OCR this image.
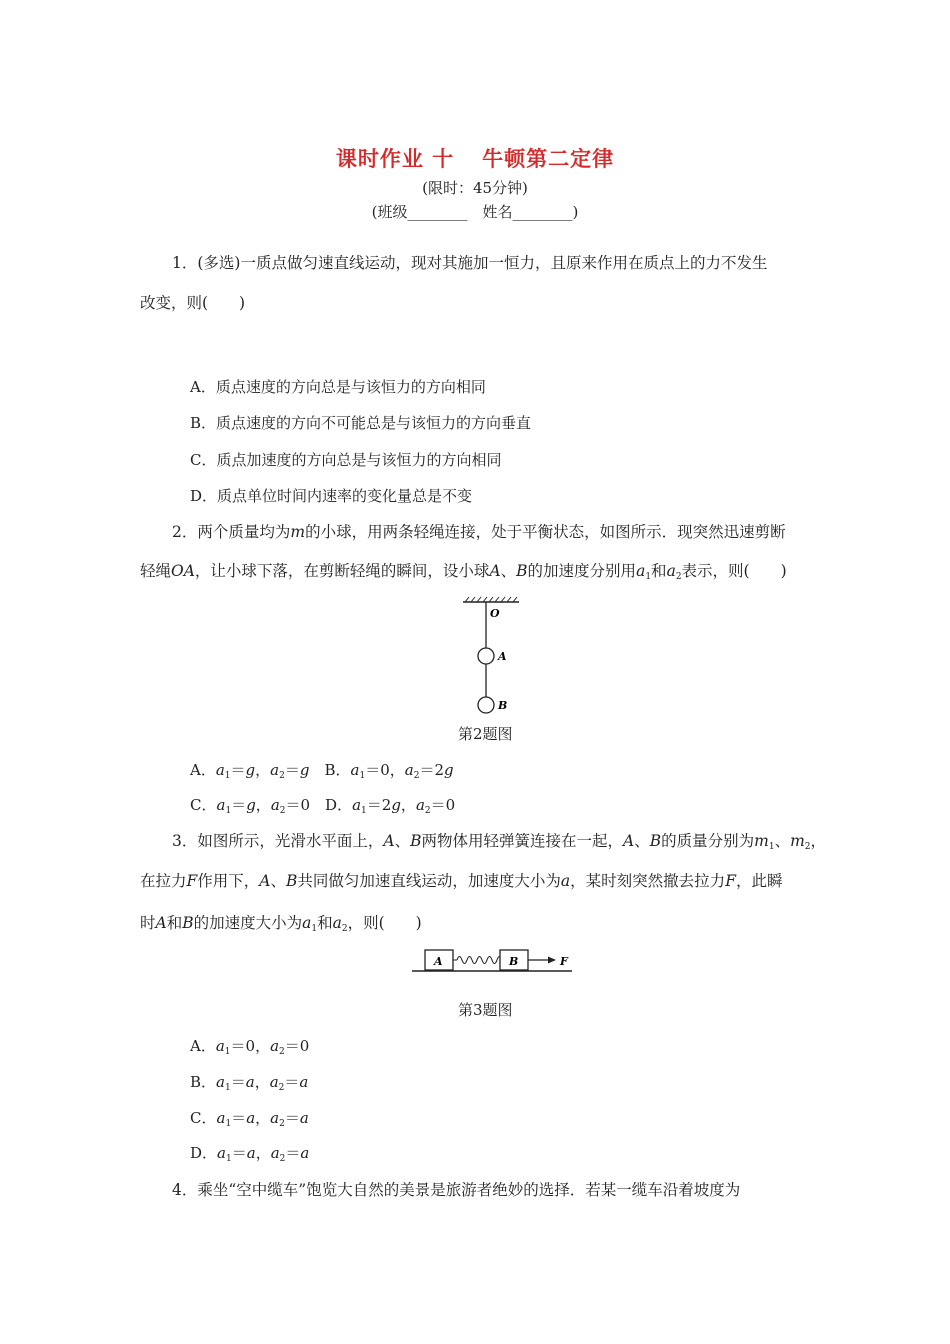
课时作业 十 牛顿第二定律
(限时：45分钟)
(班级________　姓名________)
1．(多选)一质点做匀速直线运动，现对其施加一恒力，且原来作用在质点上的力不发生
改变，则(　　)
A．质点速度的方向总是与该恒力的方向相同
B．质点速度的方向不可能总是与该恒力的方向垂直
C．质点加速度的方向总是与该恒力的方向相同
D．质点单位时间内速率的变化量总是不变
2．两个质量均为m的小球，用两条轻绳连接，处于平衡状态，如图所示．现突然迅速剪断
轻绳OA，让小球下落，在剪断轻绳的瞬间，设小球A、B的加速度分别用$a_1$和$a_2$表示，则(　　)
O
A
B
第2题图
A．$a_1=g$，$a_2=g$　B．$a_1=0$，$a_2=2g$
C．$a_1=g$，$a_2=0$　D．$a_1=2g$，$a_2=0$
3．如图所示，光滑水平面上，A、B两物体用轻弹簧连接在一起，A、B的质量分别为$m_1$、$m_2$，
在拉力F作用下，A、B共同做匀加速直线运动，加速度大小为a，某时刻突然撤去拉力F，此瞬
时A和B的加速度大小为$a_1$和$a_2$，则(　　)
A	B	F
第3题图
A．$a_1=0$，$a_2=0$
B．$a_1=a$，$a_2=a$
C．$a_1=a$，$a_2=a$
D．$a_1=a$，$a_2=a$
4．乘坐“空中缆车”饱览大自然的美景是旅游者绝妙的选择．若某一缆车沿着坡度为
